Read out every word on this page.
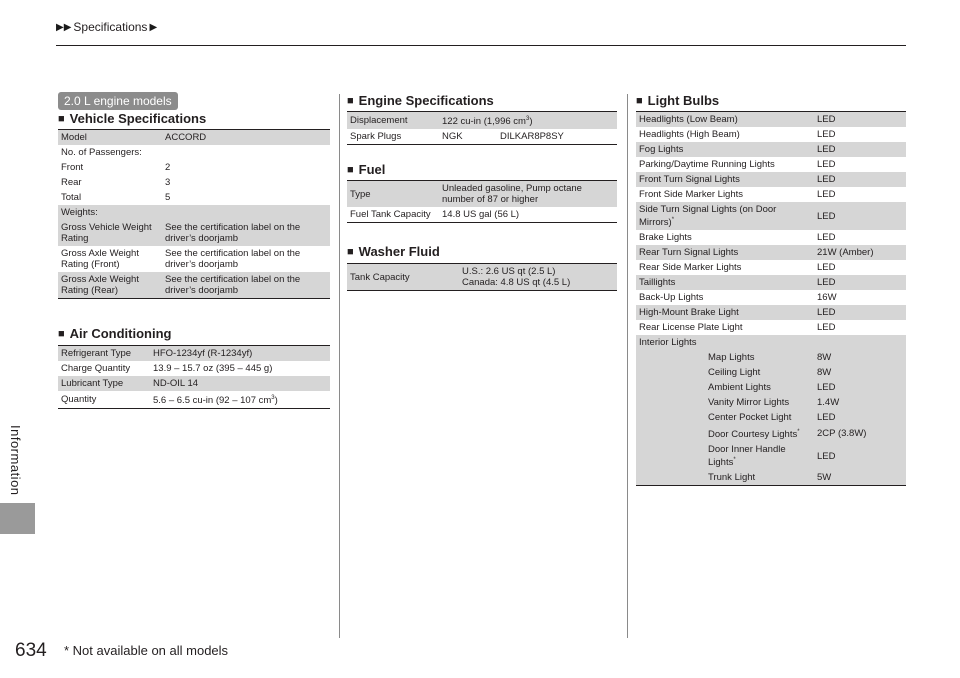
▶▶ Specifications ▶
Information
634 * Not available on all models
2.0 L engine models
■ Vehicle Specifications
Model	ACCORD
No. of Passengers:	
Front	2
Rear	3
Total	5
Weights:	
Gross Vehicle Weight Rating	See the certification label on the driver’s doorjamb
Gross Axle Weight Rating (Front)	See the certification label on the driver’s doorjamb
Gross Axle Weight Rating (Rear)	See the certification label on the driver’s doorjamb
■ Air Conditioning
Refrigerant Type	HFO-1234yf (R-1234yf)
Charge Quantity	13.9 – 15.7 oz (395 – 445 g)
Lubricant Type	ND-OIL 14
Quantity	5.6 – 6.5 cu-in (92 – 107 $cm^3$)
■ Engine Specifications
Displacement	122 cu-in (1,996 $cm^3$)
Spark Plugs	NGK DILKAR8P8SY
■ Fuel
Type	Unleaded gasoline, Pump octane number of 87 or higher
Fuel Tank Capacity	14.8 US gal (56 L)
■ Washer Fluid
Tank Capacity	U.S.: 2.6 US qt (2.5 L)
Canada: 4.8 US qt (4.5 L)
■ Light Bulbs
Headlights (Low Beam)	LED
Headlights (High Beam)	LED
Fog Lights	LED
Parking/Daytime Running Lights	LED
Front Turn Signal Lights	LED
Front Side Marker Lights	LED
Side Turn Signal Lights (on Door Mirrors)*	LED
Brake Lights	LED
Rear Turn Signal Lights	21W (Amber)
Rear Side Marker Lights	LED
Taillights	LED
Back-Up Lights	16W
High-Mount Brake Light	LED
Rear License Plate Light	LED
Interior Lights	
Map Lights	8W
Ceiling Light	8W
Ambient Lights	LED
Vanity Mirror Lights	1.4W
Center Pocket Light	LED
Door Courtesy Lights*	2CP (3.8W)
Door Inner Handle Lights*	LED
Trunk Light	5W
